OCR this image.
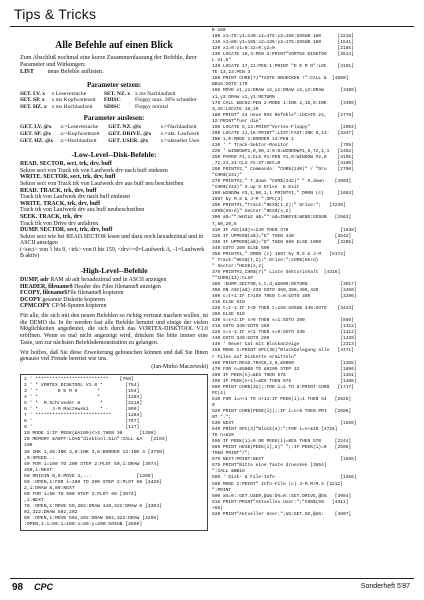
Tips & Tricks
Alle Befehle auf einen Blick

Zum Abschluß nochmal eine kurze Zusammenfassung der Befehle, ihrer Parameter und Wirkungen:
LIST neue Befehle auflisten.

Parameter setzen:
SET. LV. x	x Leseversuche	SET. NZ. x	x ms Nachlaufzeit
SET. SP. x	x ms Kopfwartezeit	FDISC	Floppy max. 20% schneller
SET. HZ. x	x ms Hochlaufzeit	SDISC	Floppy normal
Parameter auslesen:
GET. LV. @x	x:=Leseversuche	GET. NZ. @x	x:=Nachlaufzeit
GET. SP. @x	x:=Kopfwartezeit	GET. DRIVE. @x	x:=akt. Laufwerk
GET. HZ. @x	x:=Hochlaufzeit	GET. USER. @x	x:=aktueller User
-Low-Level--Disk-Befehle:

READ. SECTOR, sect, trk, drv, buff
Sektor sect von Track trk von Laufwerk drv nach buff einlesen

WRITE. SECTOR, sect, trk, drv, buff
Sektor sect von Track trk von Laufwerk drv aus buff neu beschreiben

READ. TRACK, trk, drv, buff
Track trk von Laufwerk drv nach buff einlesen

WRITE. TRACK, trk, drv, buff
Track trk von Laufwerk drv aus buff neubeschreiben

SEEK. TRACK, trk, drv
Track trk von Drive drv anfahren

DUMP. SECTOR, sect, trk, drv, buff
Sektor sect wie bei READ.SECTOR lesen und dazu noch hexadezimal und in ASCII anzeigen

(<sect> von 1 bis 9, <trk> von 0 bis 159, <drv>=0=Laufwerk A, -1=Laufwerk B aktiv)

-High-Level--Befehle

DUMP, adr RAM ab adr hexadezimal und in ASCII anzeigen

HEADER, filename$ Header des Files filename$ anzeigen

FCOPY, filename$File filename$ kopieren

DCOPY gesamte Diskette kopieren

CPMCOPY CP/M-Spuren kopieren

Für alle, die sich mit den neuen Befehlen so richtig vertraut machen wollen, ist die DEMO da. In ihr werden fast alle Befehle benutzt und einige der vielen Möglichkeiten angedeutet, die sich durch das VORTEX-DISKTOOL V1.0 eröffnen. Wenn es mal nicht angezeigt wird, drücken Sie bitte immer eine Taste, um zur nächsten Befehlsdemonstration zu gelangen.

Wir hoffen, daß Sie diese Erweiterung gebrauchen können und daß Sie Ihnen genauso viel Freude bereitet wie uns.

(Jan-Mirko Maczewski)
1 ' **************************    [768]
2 ' * VORTEX DISKTOOL V1.0 *        [754]
3 ' *       D E M O       *         [194]
4 ' *                     *         [1284]
5 ' *  M.Schroeder &       *        [2218]
6 ' *     J-M Maczewski    *        [999]
7 ' ***************************     [1284]
8 '                                 [767]
9 '                                 [117]
10 MODE 1:IF PEEK(&A100)<>3 THEN 30      [1309]
20 MEMORY &A0FF:LOAD"disktool.bin":CALL &A   [2159]
100
30 INK 1,26:INK 3,0:INK 3,6:BORDER 13:INK 3 [3799]
,0:SPEED...
40 FOR i=100 TO 200 STEP 2:PLOT 50,i:DRAW [3974]
450,i:NEXT
50 ORIGIN 0,0:MOVE 2,...                [1309]
50 :OPEN,1:FOR i=100 TO 200 STEP 2:PLOT 50 [3429]
2,i:DRAW 8,80:NEXT
60 FOR i=50 TO 500 STEP 2:PLOT 60 [3974]
,i:NEXT
70 :OPEN,1:MOVE 50,202:DRAW 148,322:DRAW 6 [4303]
02,322:DRAW 502,202
80 :OPEN,1:MOVE 502,202:DRAW 502,322:DRAW [4296]
:OPEN,1:i=50:i=100:x=50:y=200:GOSUB [2650]
B 160
100 x1=75:y1=140:x2=475:y2=150:GOSUB 160      [2218]
110 x1=80:y1=165:x2=135:y2=175:GOSUB 160      [1541]
120 x1=0:y1=0:x2=0:y2=0                       [2185]
130 LOCATE 10,3:PEN 2:PRINT"VORTEX DISKTOO    [3514]
L V1.0"
140 LOCATE 17,21:PEN 1:PRINT "D E M O":LOC    [4101]
TE 13,23:PEN 3
150 PRINT CHR$(7)"TASTE DRUECKEN !":CALL &  [4500]
BB18:GOTO 170
160 MOVE x1,y1:DRAW x2,y1:DRAW x2,y2:DRAW      [3496]
x1,y2:DRAW x1,y1:RETURN
170 CALL &BC02:PEN 2:MODE 1:INK 2,15,6:INK     [3496]
3,26:LOCATE 18,10
180 PRINT" 24 neue RSX Befehle":LOCATE 24,    [2776]
12:PRINT"fuer die"
190 LOCATE 5,14:PRINT"Vortex-Floppy"           [2804]
200 LOCATE 11,16:PRINT":LIST:FAST:INK 0,13:   [3347]
INK 1,0:MODE 1:BORDER 13:PEN 1
210 ' * Track-Sektor-Monitor                   [755]
220 ' WINDOW#1,0,80,1:0:0=WINDOW#1,8,72,1,1   [2462]
250 PAPER #1,1:CLS #1:PEN #1,0:WINDOW #2,8    [4105]
,72,24,24:CLS #2:ST:SEC=0                     [4105]
260 PRINT#2," Commands: "CHR$(240)" / "Dru    [2790]
"CHR$(241)"
270 PRINT#2," T.down "CHR$(242)" " S.down    [4993]
"CHR$(243)" S.up D Drive  E Exit
280 WINDOW #3,1,80,1,1:PRINT#1," DMON (c)     [1683]
1987 by M.S & J-M ";SPC(3)
290 PRINT#1,"Track:"HEX$(t,2);" Drive:";   [4236]
CHR$(65+d)" Sector:"HEX$(s,2)
300 a$="":WHILE a$="":a$=INKEY$:WEND:GOSUB   [2663]
7,80,20,6
310 IF ASC(a$)>=240 THEN 370                   [1638]
320 IF UPPER$(a$)="E" THEN 440               [3542]
330 IF UPPER$(a$)="D" THEN 660 ELSE 1000      [3205]
340:GOTO 260 ELSE 500
350 PRINT#1," DMON (c) 1987 by M.S & J-M   [5172]
" Track:"HEX$(t,2);" Drive:";CHR$(65+d)
" Sector:"HEX$(s,2)
370 PRINT#2,CHR$(7)" Liste Sektorinhalt  [4316]
""CHR$(13):CLS#
380 :DUMP.SECTOR,s,t,d,&5000:RETURN            [3017]
390 ON ASC(a$)-239 GOTO 380,390,400,420        [3460]
400 t=t+1:IF t>159 THEN t=0:GOTO 380           [3296]
410 ELSE 610
420 t=t-1:IF t<0 THEN t=159:GOSUB 340:GOTO    [3423]
260 ELSE 610
430 s=s+1:IF s>9 THEN s=1:GOTO 390             [886]
410 GOTO 340:GOTO 260                          [1312]
420 s=s-1:IF s<1 THEN s=9:GOTO 340             [1312]
430 GOTO 340:GOTO 260                          [1339]
440 ' Neuer Cat mit Blockanzeige               [2313]
450 MODE 2:PRINT SPC(36)"Blockbelegung alle   [3471]
r Files auf Diskette ermitteln"
460 PRINT:READ.TRACK,2,0,&5000                 [1355]
470 FOR n=&5000 TO &6200 STEP 32               [1890]
480 IF PEEK(n)=&E5 THEN 575                    [1451]
490 IF PEEK(n+1)=&E5 THEN 575                  [1480]
500 PRINT CHR$(32);:FOR i=1 TO 8:PRINT CHR$   [1717]
PC(4)
510 FOR i=n+1 TO n+11:IF PEEK(i)=1 THEN 54   [2025]
0
520 PRINT CHR$(PEEK(i));:IF i=n+8 THEN PRI   [2898]
NT ".";
530 NEXT                                       [1556]
540 PRINT SPC(3)"Block(e):";FOR i=n+&10 [4726]
TO n+&20
550 IF PEEK(i)=0 OR PEEK(i)=&E5 THEN 570     [2244]
560 PRINT HEX$(PEEK(i),2)" ";:IF PEEK(i)=0   [2606]
THEN PRINT"/";
570 NEXT:PRINT:NEXT                            [1556]
575 PRINT"Bitte eine Taste druecken [3654]
":CALL &BB18
580 ' Disk- & File-Info                        [1356]
590 MODE 2:PRINT" Info-File (c) J-M.M/M.S [2212]
":PRINT
600 a%=0::GET.USER,@a%:b%=0::GET.DRIVE,@b%   [3094]
610 PRINT:PRINT"Aktuelles User:";"CHR$(b%   [4311]
+65)
620 PRINT"Aktueller User:";a%:GET.HZ,@a%:    [4807]
98 CPC	Sonderheft 5'87
